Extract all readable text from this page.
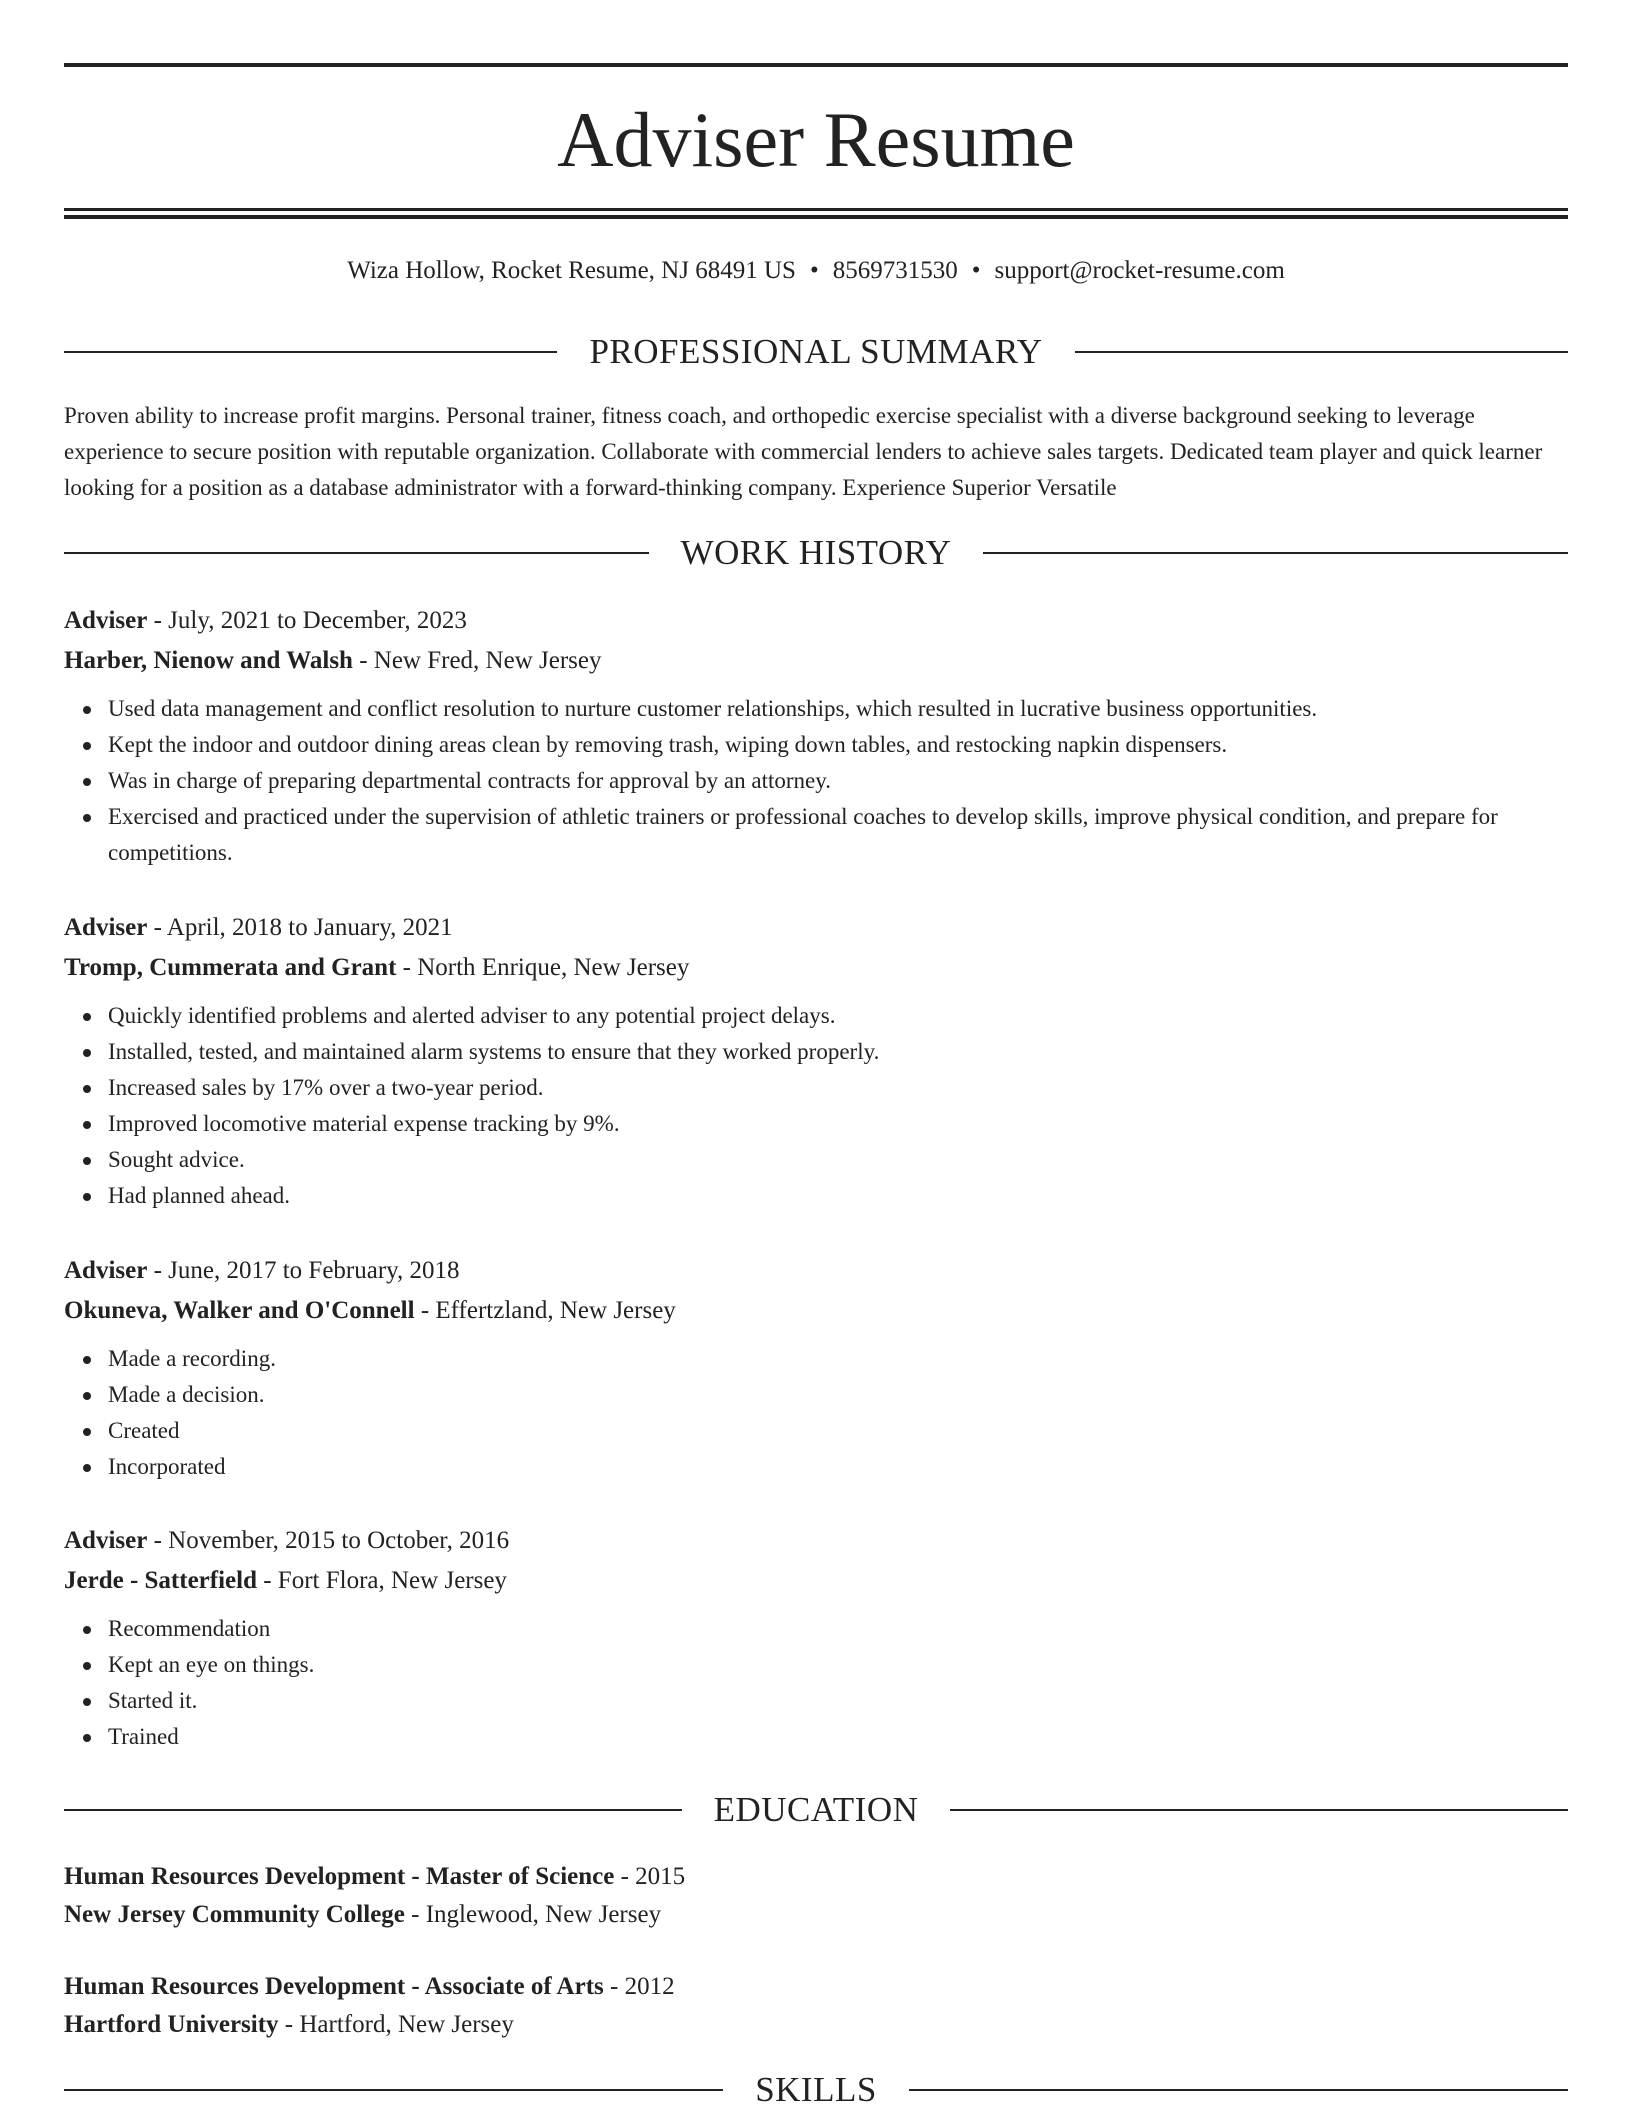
Adviser Resume
Wiza Hollow, Rocket Resume, NJ 68491 US • 8569731530 • support@rocket-resume.com
PROFESSIONAL SUMMARY
Proven ability to increase profit margins. Personal trainer, fitness coach, and orthopedic exercise specialist with a diverse background seeking to leverage experience to secure position with reputable organization. Collaborate with commercial lenders to achieve sales targets. Dedicated team player and quick learner looking for a position as a database administrator with a forward-thinking company. Experience Superior Versatile
WORK HISTORY
Adviser - July, 2021 to December, 2023
Harber, Nienow and Walsh - New Fred, New Jersey
Used data management and conflict resolution to nurture customer relationships, which resulted in lucrative business opportunities.
Kept the indoor and outdoor dining areas clean by removing trash, wiping down tables, and restocking napkin dispensers.
Was in charge of preparing departmental contracts for approval by an attorney.
Exercised and practiced under the supervision of athletic trainers or professional coaches to develop skills, improve physical condition, and prepare for competitions.
Adviser - April, 2018 to January, 2021
Tromp, Cummerata and Grant - North Enrique, New Jersey
Quickly identified problems and alerted adviser to any potential project delays.
Installed, tested, and maintained alarm systems to ensure that they worked properly.
Increased sales by 17% over a two-year period.
Improved locomotive material expense tracking by 9%.
Sought advice.
Had planned ahead.
Adviser - June, 2017 to February, 2018
Okuneva, Walker and O'Connell - Effertzland, New Jersey
Made a recording.
Made a decision.
Created
Incorporated
Adviser - November, 2015 to October, 2016
Jerde - Satterfield - Fort Flora, New Jersey
Recommendation
Kept an eye on things.
Started it.
Trained
EDUCATION
Human Resources Development - Master of Science - 2015
New Jersey Community College - Inglewood, New Jersey
Human Resources Development - Associate of Arts - 2012
Hartford University - Hartford, New Jersey
SKILLS
